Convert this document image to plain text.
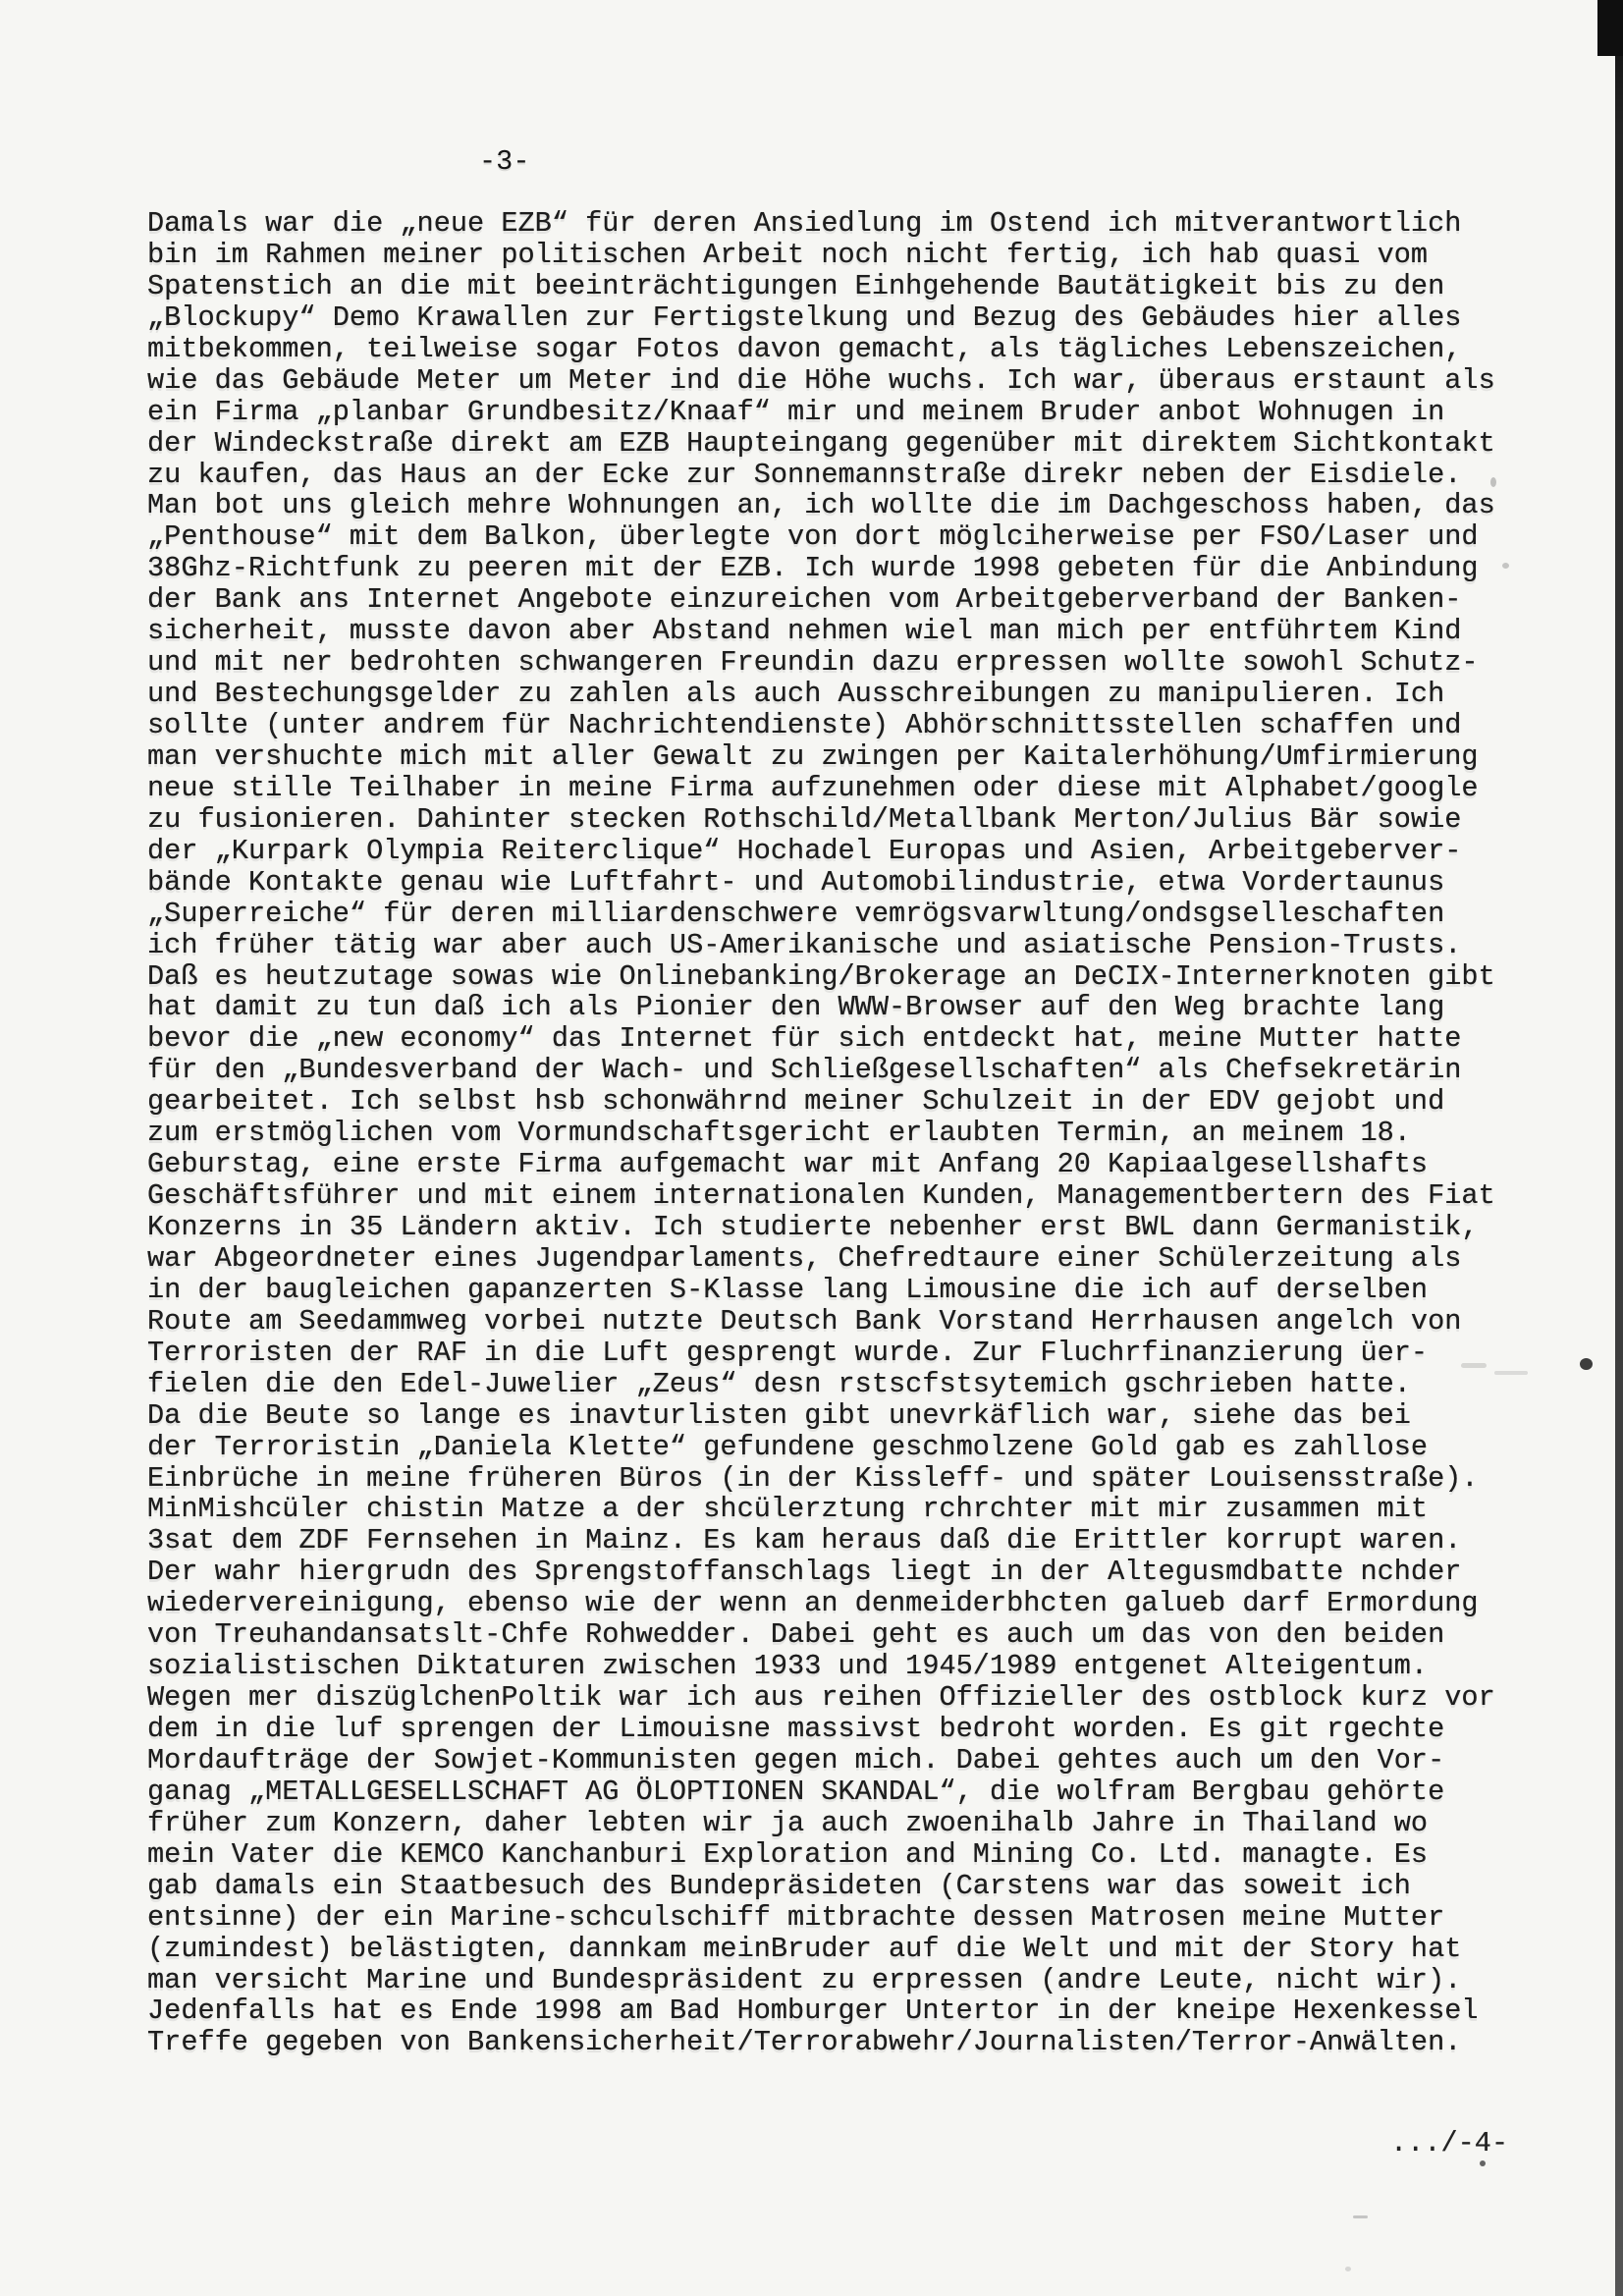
-3-
Damals war die „neue EZB“ für deren Ansiedlung im Ostend ich mitverantwortlich
bin im Rahmen meiner politischen Arbeit noch nicht fertig, ich hab quasi vom
Spatenstich an die mit beeinträchtigungen Einhgehende Bautätigkeit bis zu den
„Blockupy“ Demo Krawallen zur Fertigstelkung und Bezug des Gebäudes hier alles
mitbekommen, teilweise sogar Fotos davon gemacht, als tägliches Lebenszeichen,
wie das Gebäude Meter um Meter ind die Höhe wuchs. Ich war, überaus erstaunt als
ein Firma „planbar Grundbesitz/Knaaf“ mir und meinem Bruder anbot Wohnugen in
der Windeckstraße direkt am EZB Haupteingang gegenüber mit direktem Sichtkontakt
zu kaufen, das Haus an der Ecke zur Sonnemannstraße direkr neben der Eisdiele.
Man bot uns gleich mehre Wohnungen an, ich wollte die im Dachgeschoss haben, das
„Penthouse“ mit dem Balkon, überlegte von dort möglciherweise per FSO/Laser und
38Ghz-Richtfunk zu peeren mit der EZB. Ich wurde 1998 gebeten für die Anbindung
der Bank ans Internet Angebote einzureichen vom Arbeitgeberverband der Banken-
sicherheit, musste davon aber Abstand nehmen wiel man mich per entführtem Kind
und mit ner bedrohten schwangeren Freundin dazu erpressen wollte sowohl Schutz-
und Bestechungsgelder zu zahlen als auch Ausschreibungen zu manipulieren. Ich
sollte (unter andrem für Nachrichtendienste) Abhörschnittsstellen schaffen und
man vershuchte mich mit aller Gewalt zu zwingen per Kaitalerhöhung/Umfirmierung
neue stille Teilhaber in meine Firma aufzunehmen oder diese mit Alphabet/google
zu fusionieren. Dahinter stecken Rothschild/Metallbank Merton/Julius Bär sowie
der „Kurpark Olympia Reiterclique“ Hochadel Europas und Asien, Arbeitgeberver-
bände Kontakte genau wie Luftfahrt- und Automobilindustrie, etwa Vordertaunus
„Superreiche“ für deren milliardenschwere vemrögsvarwltung/ondsgselleschaften
ich früher tätig war aber auch US-Amerikanische und asiatische Pension-Trusts.
Daß es heutzutage sowas wie Onlinebanking/Brokerage an DeCIX-Internerknoten gibt
hat damit zu tun daß ich als Pionier den WWW-Browser auf den Weg brachte lang
bevor die „new economy“ das Internet für sich entdeckt hat, meine Mutter hatte
für den „Bundesverband der Wach- und Schließgesellschaften“ als Chefsekretärin
gearbeitet. Ich selbst hsb schonwährnd meiner Schulzeit in der EDV gejobt und
zum erstmöglichen vom Vormundschaftsgericht erlaubten Termin, an meinem 18.
Geburstag, eine erste Firma aufgemacht war mit Anfang 20 Kapiaalgesellshafts
Geschäftsführer und mit einem internationalen Kunden, Managementbertern des Fiat
Konzerns in 35 Ländern aktiv. Ich studierte nebenher erst BWL dann Germanistik,
war Abgeordneter eines Jugendparlaments, Chefredtaure einer Schülerzeitung als
in der baugleichen gapanzerten S-Klasse lang Limousine die ich auf derselben
Route am Seedammweg vorbei nutzte Deutsch Bank Vorstand Herrhausen angelch von
Terroristen der RAF in die Luft gesprengt wurde. Zur Fluchrfinanzierung üer-
fielen die den Edel-Juwelier „Zeus“ desn rstscfstsytemich gschrieben hatte.
Da die Beute so lange es inavturlisten gibt unevrkäflich war, siehe das bei
der Terroristin „Daniela Klette“ gefundene geschmolzene Gold gab es zahllose
Einbrüche in meine früheren Büros (in der Kissleff- und später Louisensstraße).
MinMishcüler chistin Matze a der shcülerztung rchrchter mit mir zusammen mit
3sat dem ZDF Fernsehen in Mainz. Es kam heraus daß die Erittler korrupt waren.
Der wahr hiergrudn des Sprengstoffanschlags liegt in der Altegusmdbatte nchder
wiedervereinigung, ebenso wie der wenn an denmeiderbhcten galueb darf Ermordung
von Treuhandansatslt-Chfe Rohwedder. Dabei geht es auch um das von den beiden
sozialistischen Diktaturen zwischen 1933 und 1945/1989 entgenet Alteigentum.
Wegen mer diszüglchenPoltik war ich aus reihen Offizieller des ostblock kurz vor
dem in die luf sprengen der Limouisne massivst bedroht worden. Es git rgechte
Mordaufträge der Sowjet-Kommunisten gegen mich. Dabei gehtes auch um den Vor-
ganag „METALLGESELLSCHAFT AG ÖLOPTIONEN SKANDAL“, die wolfram Bergbau gehörte
früher zum Konzern, daher lebten wir ja auch zwoenihalb Jahre in Thailand wo
mein Vater die KEMCO Kanchanburi Exploration and Mining Co. Ltd. managte. Es
gab damals ein Staatbesuch des Bundepräsideten (Carstens war das soweit ich
entsinne) der ein Marine-schculschiff mitbrachte dessen Matrosen meine Mutter
(zumindest) belästigten, dannkam meinBruder auf die Welt und mit der Story hat
man versicht Marine und Bundespräsident zu erpressen (andre Leute, nicht wir).
Jedenfalls hat es Ende 1998 am Bad Homburger Untertor in der kneipe Hexenkessel
Treffe gegeben von Bankensicherheit/Terrorabwehr/Journalisten/Terror-Anwälten.
.../-4-
